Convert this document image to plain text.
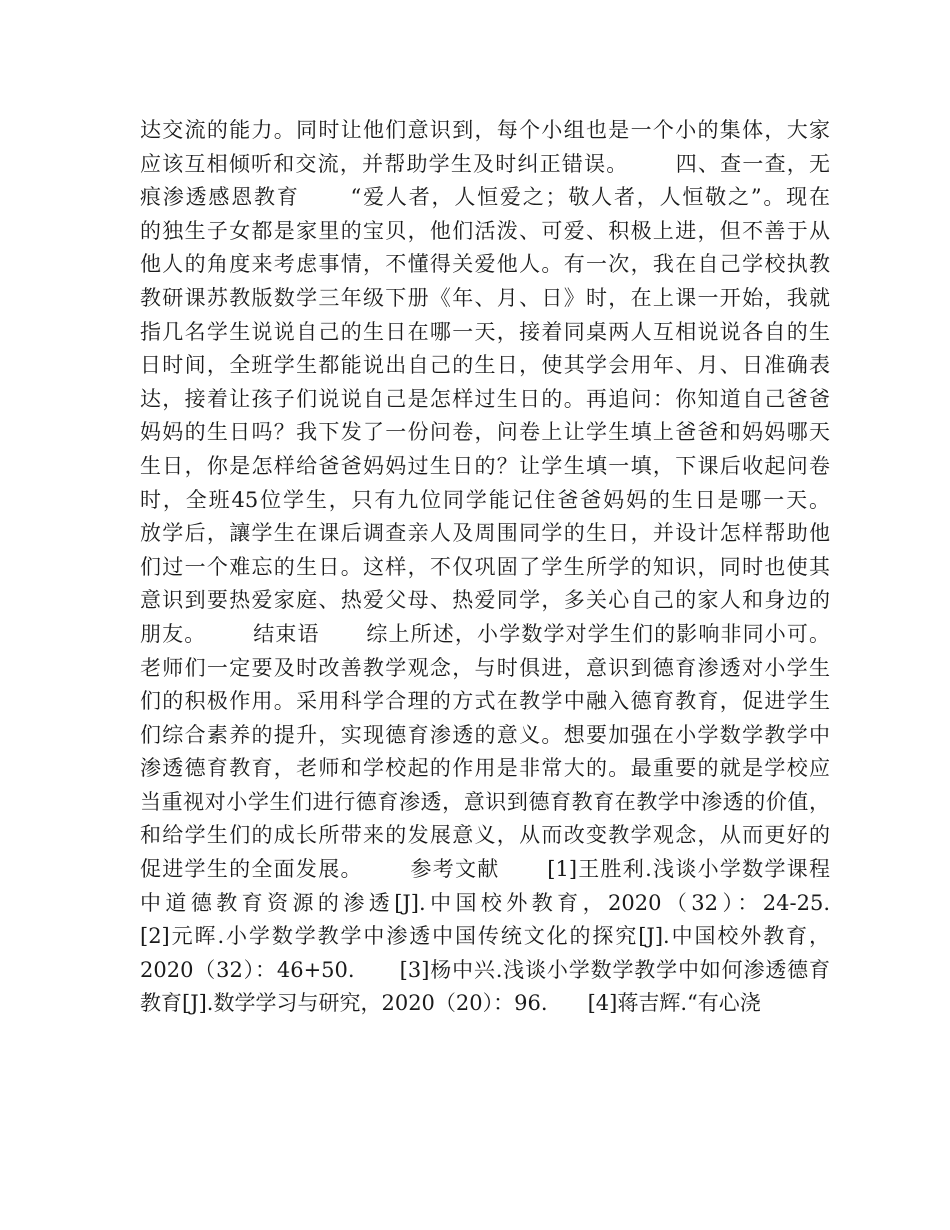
达交流的能力。同时让他们意识到，每个小组也是一个小的集体，大家
应该互相倾听和交流，并帮助学生及时纠正错误。      四、查一查，无
痕渗透感恩教育      “爱人者，人恒爱之；敬人者，人恒敬之”。现在
的独生子女都是家里的宝贝，他们活泼、可爱、积极上进，但不善于从
他人的角度来考虑事情，不懂得关爱他人。有一次，我在自己学校执教
教研课苏教版数学三年级下册《年、月、日》时，在上课一开始，我就
指几名学生说说自己的生日在哪一天，接着同桌两人互相说说各自的生
日时间，全班学生都能说出自己的生日，使其学会用年、月、日准确表
达，接着让孩子们说说自己是怎样过生日的。再追问：你知道自己爸爸
妈妈的生日吗？我下发了一份问卷，问卷上让学生填上爸爸和妈妈哪天
生日，你是怎样给爸爸妈妈过生日的？让学生填一填，下课后收起问卷
时，全班45位学生，只有九位同学能记住爸爸妈妈的生日是哪一天。
放学后，讓学生在课后调查亲人及周围同学的生日，并设计怎样帮助他
们过一个难忘的生日。这样，不仅巩固了学生所学的知识，同时也使其
意识到要热爱家庭、热爱父母、热爱同学，多关心自己的家人和身边的
朋友。      结束语      综上所述，小学数学对学生们的影响非同小可。
老师们一定要及时改善教学观念，与时俱进，意识到德育渗透对小学生
们的积极作用。采用科学合理的方式在教学中融入德育教育，促进学生
们综合素养的提升，实现德育渗透的意义。想要加强在小学数学教学中
渗透德育教育，老师和学校起的作用是非常大的。最重要的就是学校应
当重视对小学生们进行德育渗透，意识到德育教育在教学中渗透的价值，
和给学生们的成长所带来的发展意义，从而改变教学观念，从而更好的
促进学生的全面发展。      参考文献      [1]王胜利.浅谈小学数学课程
中道德教育资源的渗透[J].中国校外教育，2020（32）：24-25.
[2]元晖.小学数学教学中渗透中国传统文化的探究[J].中国校外教育，
2020（32）：46+50.      [3]杨中兴.浅谈小学数学教学中如何渗透德育
教育[J].数学学习与研究，2020（20）：96.      [4]蒋吉辉.“有心浇
